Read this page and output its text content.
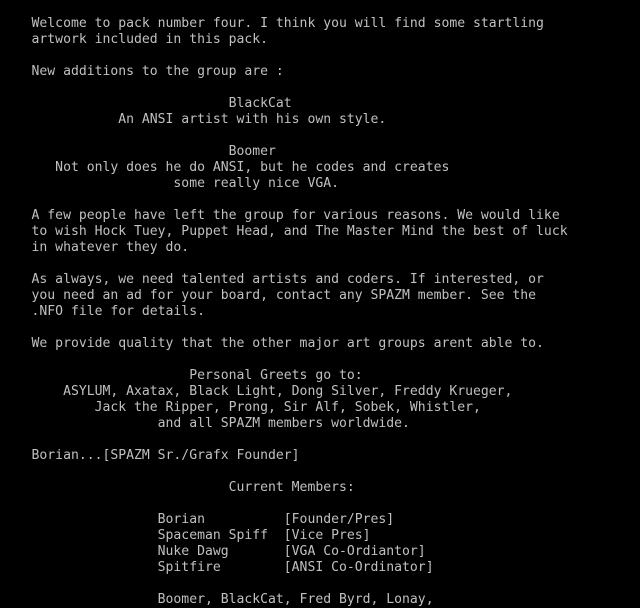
Welcome to pack number four. I think you will find some startling
artwork included in this pack.
New additions to the group are :
BlackCat
An ANSI artist with his own style.
Boomer
Not only does he do ANSI, but he codes and creates
some really nice VGA.
A few people have left the group for various reasons. We would like
to wish Hock Tuey, Puppet Head, and The Master Mind the best of luck
in whatever they do.
As always, we need talented artists and coders. If interested, or
you need an ad for your board, contact any SPAZM member. See the
.NFO file for details.
We provide quality that the other major art groups arent able to.
Personal Greets go to:
ASYLUM, Axatax, Black Light, Dong Silver, Freddy Krueger,
Jack the Ripper, Prong, Sir Alf, Sobek, Whistler,
and all SPAZM members worldwide.
Borian...[SPAZM Sr./Grafx Founder]
Current Members:
Borian          [Founder/Pres]
Spaceman Spiff  [Vice Pres]
Nuke Dawg       [VGA Co-Ordiantor]
Spitfire        [ANSI Co-Ordinator]
Boomer, BlackCat, Fred Byrd, Lonay,
